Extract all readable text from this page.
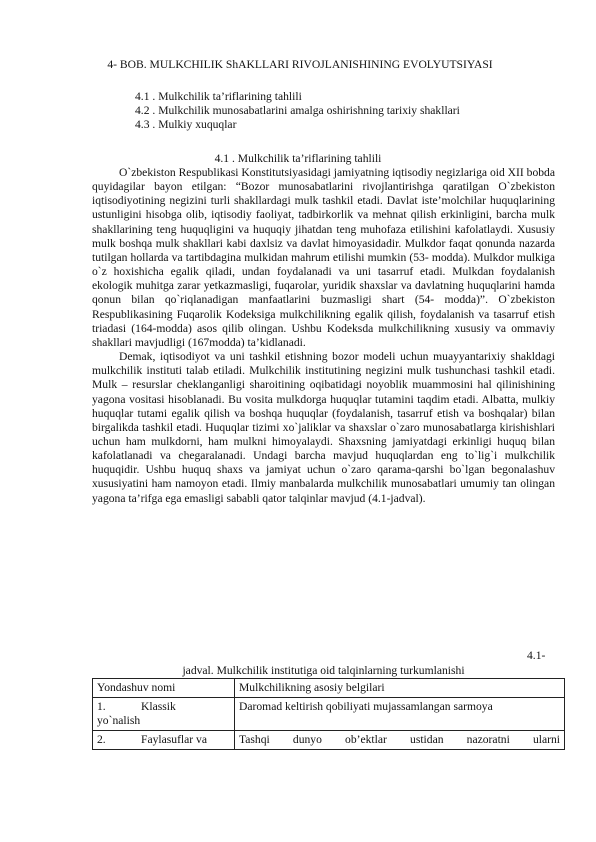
4- BOB. MULKCHILIK ShAKLLARI RIVOJLANISHINING EVOLYUTSIYASI
4.1 . Mulkchilik ta’riflarining tahlili
4.2 . Mulkchilik munosabatlarini amalga oshirishning tarixiy shakllari
4.3 . Mulkiy xuquqlar
4.1 . Mulkchilik ta’riflarining tahlili

O`zbekiston Respublikasi Konstitutsiyasidagi jamiyatning iqtisodiy negizlariga oid XII bobda quyidagilar bayon etilgan: “Bozor munosabatlarini rivojlantirishga qaratilgan O`zbekiston iqtisodiyotining negizini turli shakllardagi mulk tashkil etadi. Davlat iste’molchilar huquqlarining ustunligini hisobga olib, iqtisodiy faoliyat, tadbirkorlik va mehnat qilish erkinligini, barcha mulk shakllarining teng huquqligini va huquqiy jihatdan teng muhofaza etilishini kafolatlaydi. Xususiy mulk boshqa mulk shakllari kabi daxlsiz va davlat himoyasidadir. Mulkdor faqat qonunda nazarda tutilgan hollarda va tartibdagina mulkidan mahrum etilishi mumkin (53- modda). Mulkdor mulkiga o`z hoxishicha egalik qiladi, undan foydalanadi va uni tasarruf etadi. Mulkdan foydalanish ekologik muhitga zarar yetkazmasligi, fuqarolar, yuridik shaxslar va davlatning huquqlarini hamda qonun bilan qo`riqlanadigan manfaatlarini buzmasligi shart (54- modda)”. O`zbekiston Respublikasining Fuqarolik Kodeksiga mulkchilikning egalik qilish, foydalanish va tasarruf etish triadasi (164-modda) asos qilib olingan. Ushbu Kodeksda mulkchilikning xususiy va ommaviy shakllari mavjudligi (167modda) ta’kidlanadi.

Demak, iqtisodiyot va uni tashkil etishning bozor modeli uchun muayyantarixiy shakldagi mulkchilik instituti talab etiladi. Mulkchilik institutining negizini mulk tushunchasi tashkil etadi. Mulk – resurslar cheklanganligi sharoitining oqibatidagi noyoblik muammosini hal qilinishining yagona vositasi hisoblanadi. Bu vosita mulkdorga huquqlar tutamini taqdim etadi. Albatta, mulkiy huquqlar tutami egalik qilish va boshqa huquqlar (foydalanish, tasarruf etish va boshqalar) bilan birgalikda tashkil etadi. Huquqlar tizimi xo`jaliklar va shaxslar o`zaro munosabatlarga kirishishlari uchun ham mulkdorni, ham mulkni himoyalaydi. Shaxsning jamiyatdagi erkinligi huquq bilan kafolatlanadi va chegaralanadi. Undagi barcha mavjud huquqlardan eng to`lig`i mulkchilik huquqidir. Ushbu huquq shaxs va jamiyat uchun o`zaro qarama-qarshi bo`lgan begonalashuv xususiyatini ham namoyon etadi. Ilmiy manbalarda mulkchilik munosabatlari umumiy tan olingan yagona ta’rifga ega emasligi sababli qator talqinlar mavjud (4.1-jadval).

4.1-
jadval. Mulkchilik institutiga oid talqinlarning turkumlanishi
Yondashuv nomi	Mulkchilikning asosiy belgilari
1. Klassik
yo`nalish	Daromad keltirish qobiliyati mujassamlangan sarmoya
2. Faylasuflar va	Tashqi dunyo ob’ektlar ustidan nazoratni ularni
